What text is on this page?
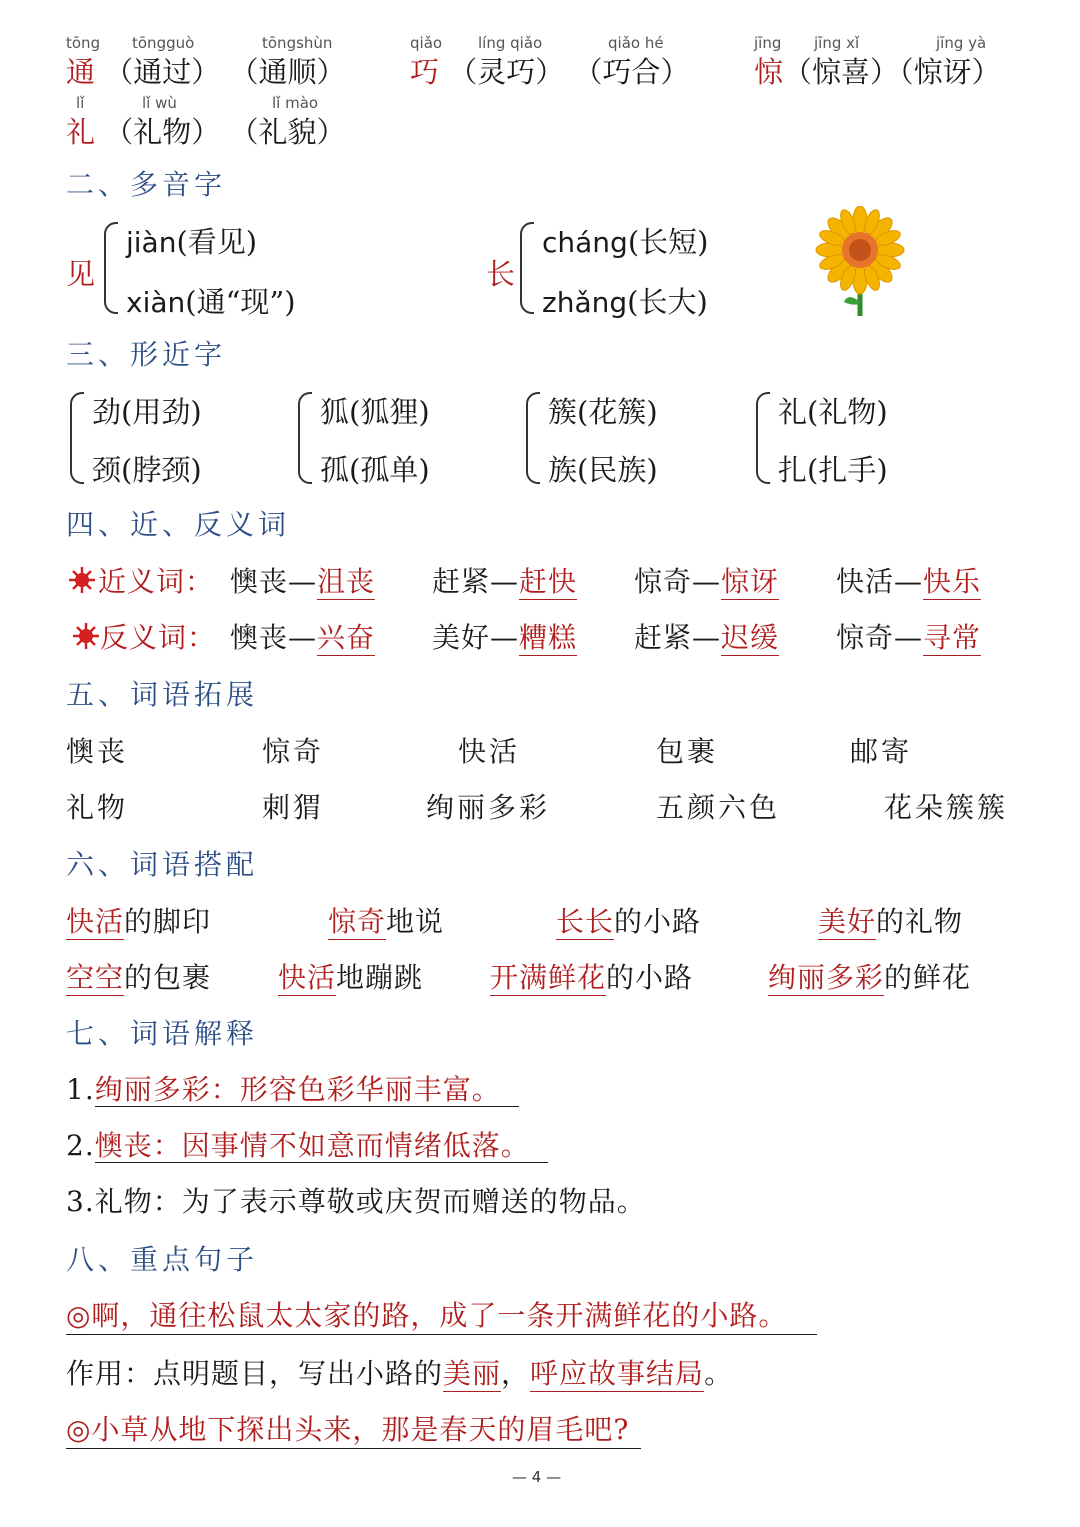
tōng tōngguò	tōngshùn
通 （通过） （通顺）
qiǎo líng qiǎo	qiǎo hé
巧 （灵巧） （巧合）
jīng jīng xǐ	jīng yà
惊（惊喜）（惊讶）
lǐ	lǐ wù	lǐ mào
礼 （礼物） （礼貌）
二、多音字
见
jiàn(看见)
xiàn(通“现”)
长
cháng(长短)
zhǎng(长大)
三、形近字
劲(用劲)
颈(脖颈)
狐(狐狸)
孤(孤单)
簇(花簇)
族(民族)
礼(礼物)
扎(扎手)
四、近、反义词
近义词： 懊丧—沮丧 赶紧—赶快 惊奇—惊讶 快活—快乐
反义词： 懊丧—兴奋 美好—糟糕 赶紧—迟缓 惊奇—寻常
五、词语拓展
懊丧	惊奇	快活	包裹	邮寄
礼物	刺猬	绚丽多彩	五颜六色	花朵簇簇
六、词语搭配
快活的脚印	惊奇地说	长长的小路	美好的礼物
空空的包裹 快活地蹦跳 开满鲜花的小路	绚丽多彩的鲜花
七、词语解释
1.绚丽多彩：形容色彩华丽丰富。
2.懊丧：因事情不如意而情绪低落。
3.礼物：为了表示尊敬或庆贺而赠送的物品。
八、重点句子
◎啊，通往松鼠太太家的路，成了一条开满鲜花的小路。
作用：点明题目，写出小路的美丽，呼应故事结局。
◎小草从地下探出头来，那是春天的眉毛吧?
— 4 —
